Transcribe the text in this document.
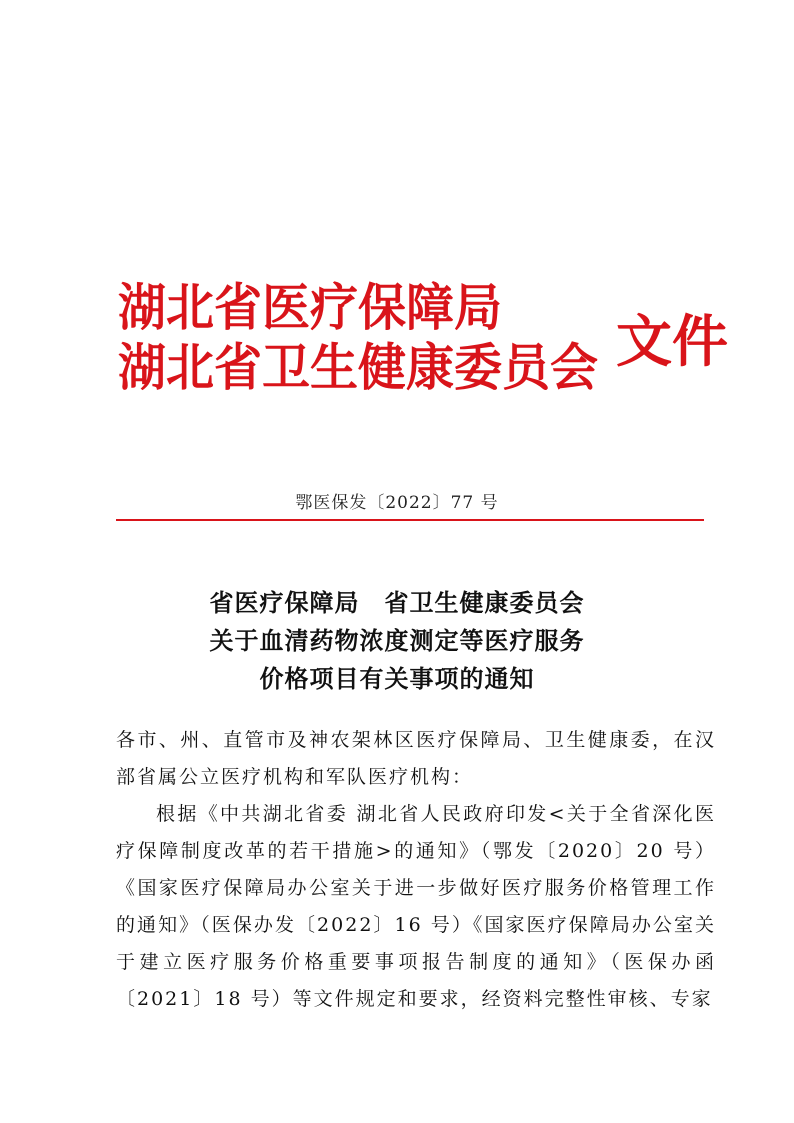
湖北省医疗保障局
湖北省卫生健康委员会 文件
鄂医保发〔2022〕77 号
省医疗保障局　省卫生健康委员会
关于血清药物浓度测定等医疗服务
价格项目有关事项的通知

各市、州、直管市及神农架林区医疗保障局、卫生健康委，在汉部省属公立医疗机构和军队医疗机构：

根据《中共湖北省委 湖北省人民政府印发<关于全省深化医疗保障制度改革的若干措施>的通知》（鄂发〔2020〕20 号）《国家医疗保障局办公室关于进一步做好医疗服务价格管理工作的通知》（医保办发〔2022〕16 号）《国家医疗保障局办公室关于建立医疗服务价格重要事项报告制度的通知》（医保办函〔2021〕18 号）等文件规定和要求，经资料完整性审核、专家
